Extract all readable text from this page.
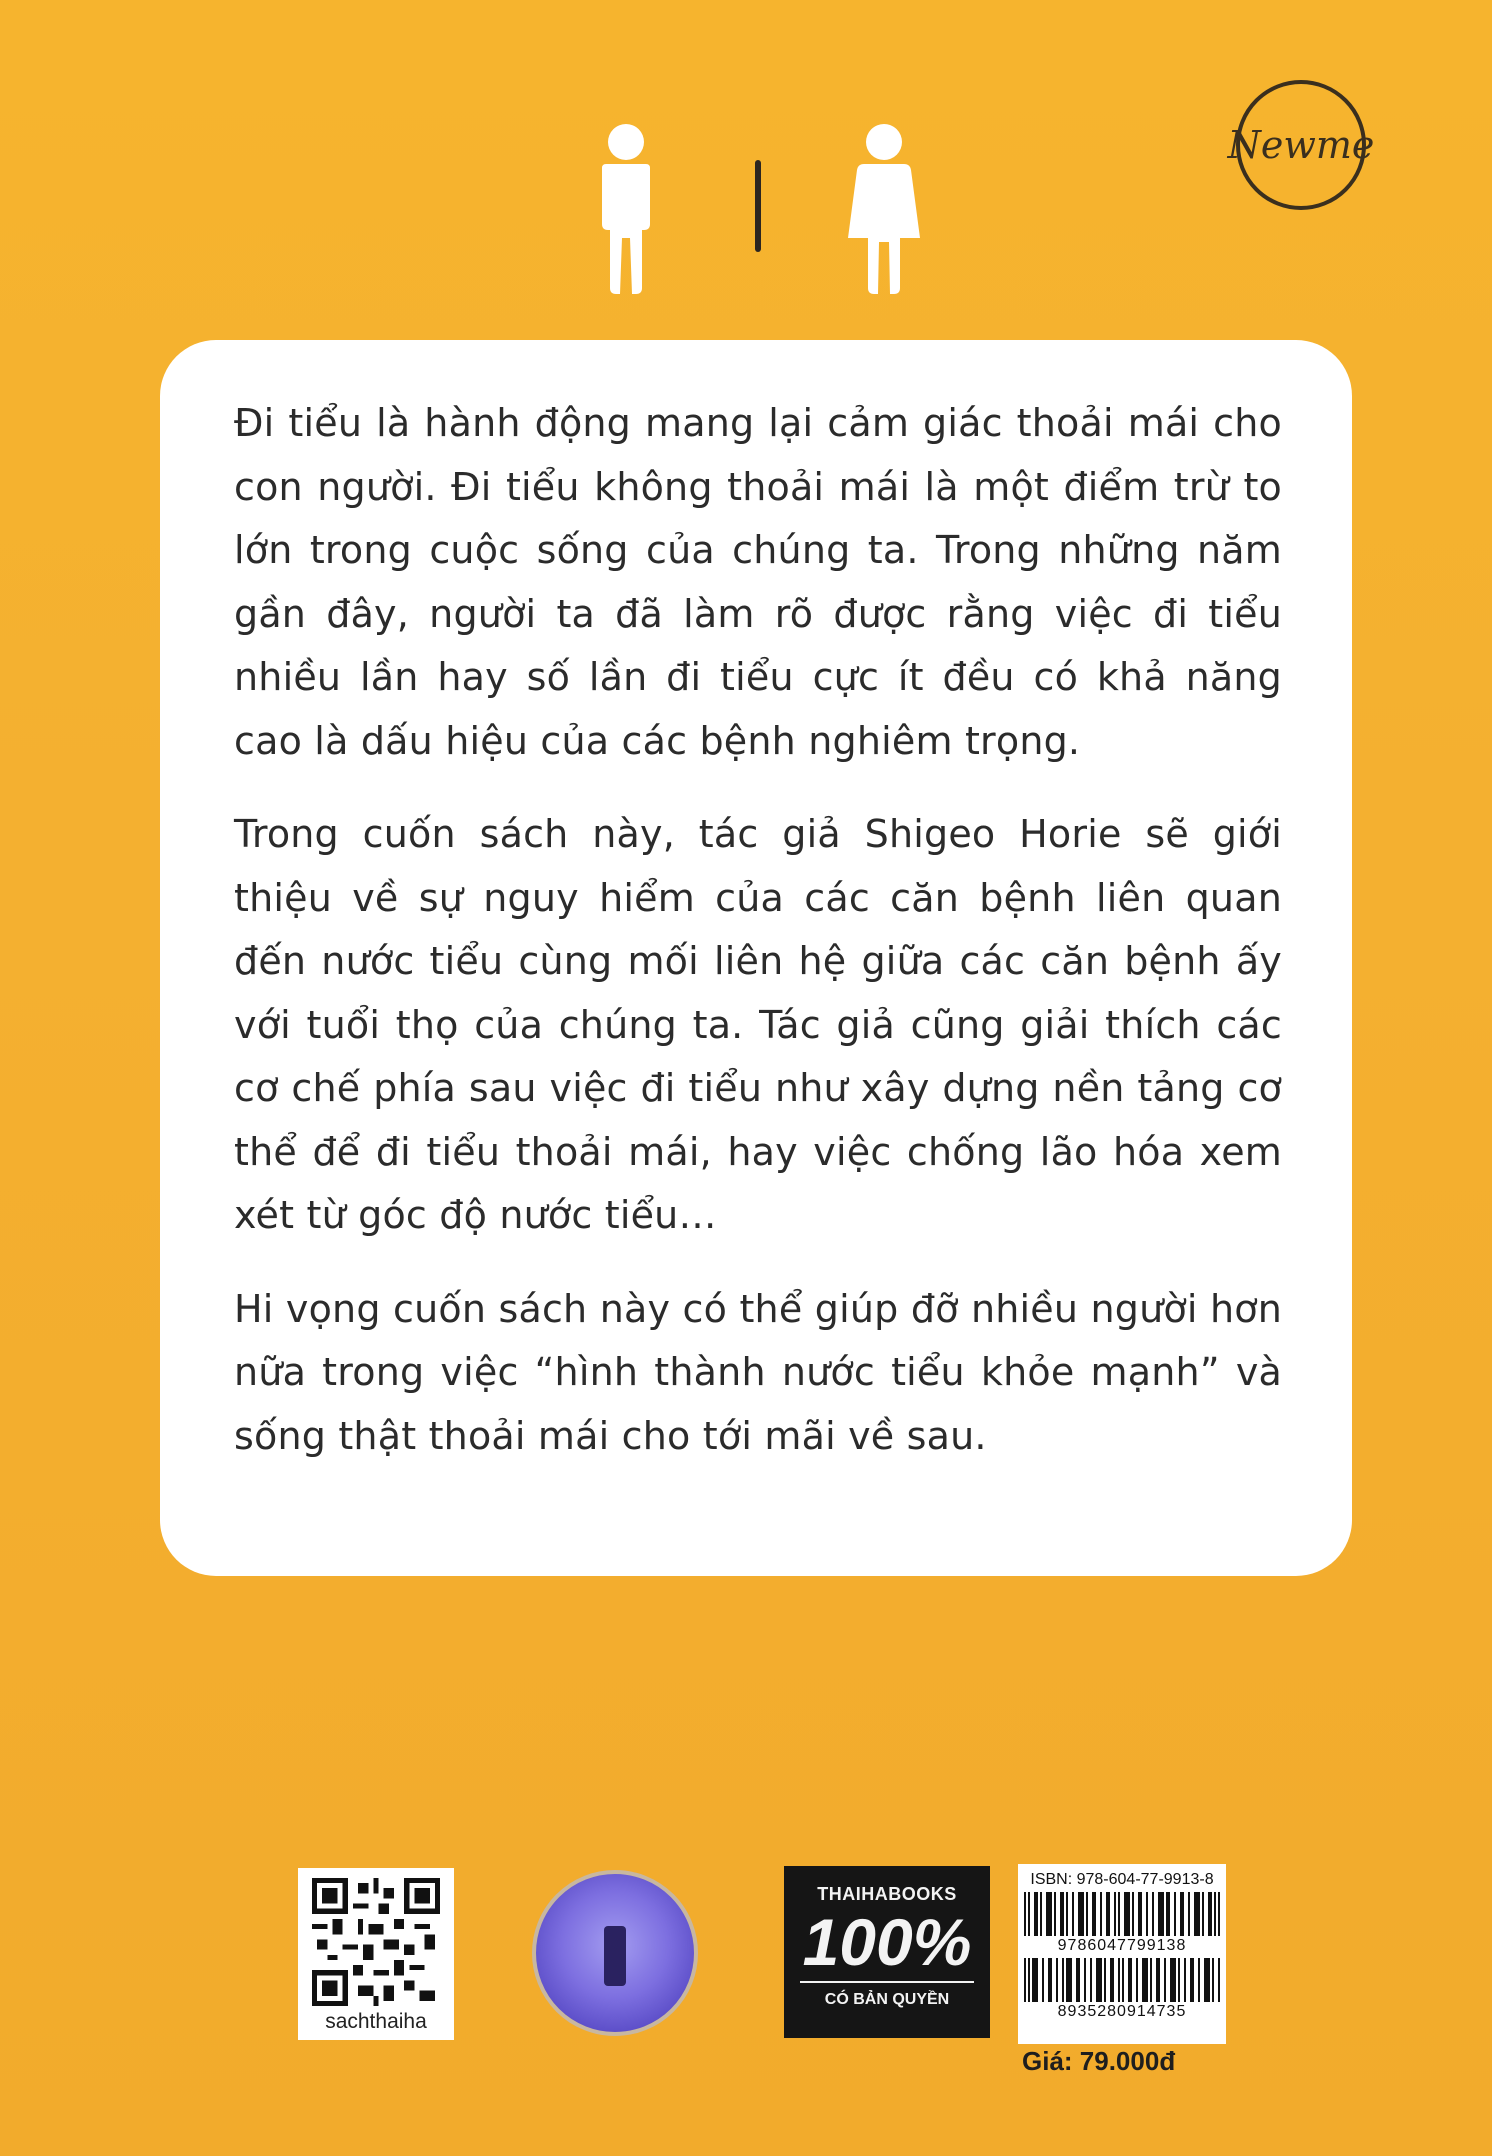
Newme

Đi tiểu là hành động mang lại cảm giác thoải mái cho con người. Đi tiểu không thoải mái là một điểm trừ to lớn trong cuộc sống của chúng ta. Trong những năm gần đây, người ta đã làm rõ được rằng việc đi tiểu nhiều lần hay số lần đi tiểu cực ít đều có khả năng cao là dấu hiệu của các bệnh nghiêm trọng.

Trong cuốn sách này, tác giả Shigeo Horie sẽ giới thiệu về sự nguy hiểm của các căn bệnh liên quan đến nước tiểu cùng mối liên hệ giữa các căn bệnh ấy với tuổi thọ của chúng ta. Tác giả cũng giải thích các cơ chế phía sau việc đi tiểu như xây dựng nền tảng cơ thể để đi tiểu thoải mái, hay việc chống lão hóa xem xét từ góc độ nước tiểu…

Hi vọng cuốn sách này có thể giúp đỡ nhiều người hơn nữa trong việc “hình thành nước tiểu khỏe mạnh” và sống thật thoải mái cho tới mãi về sau.

sachthaiha
THAIHABOOKS
100%
CÓ BẢN QUYỀN
ISBN: 978-604-77-9913-8
9786047799138
8935280914735
Giá: 79.000đ
